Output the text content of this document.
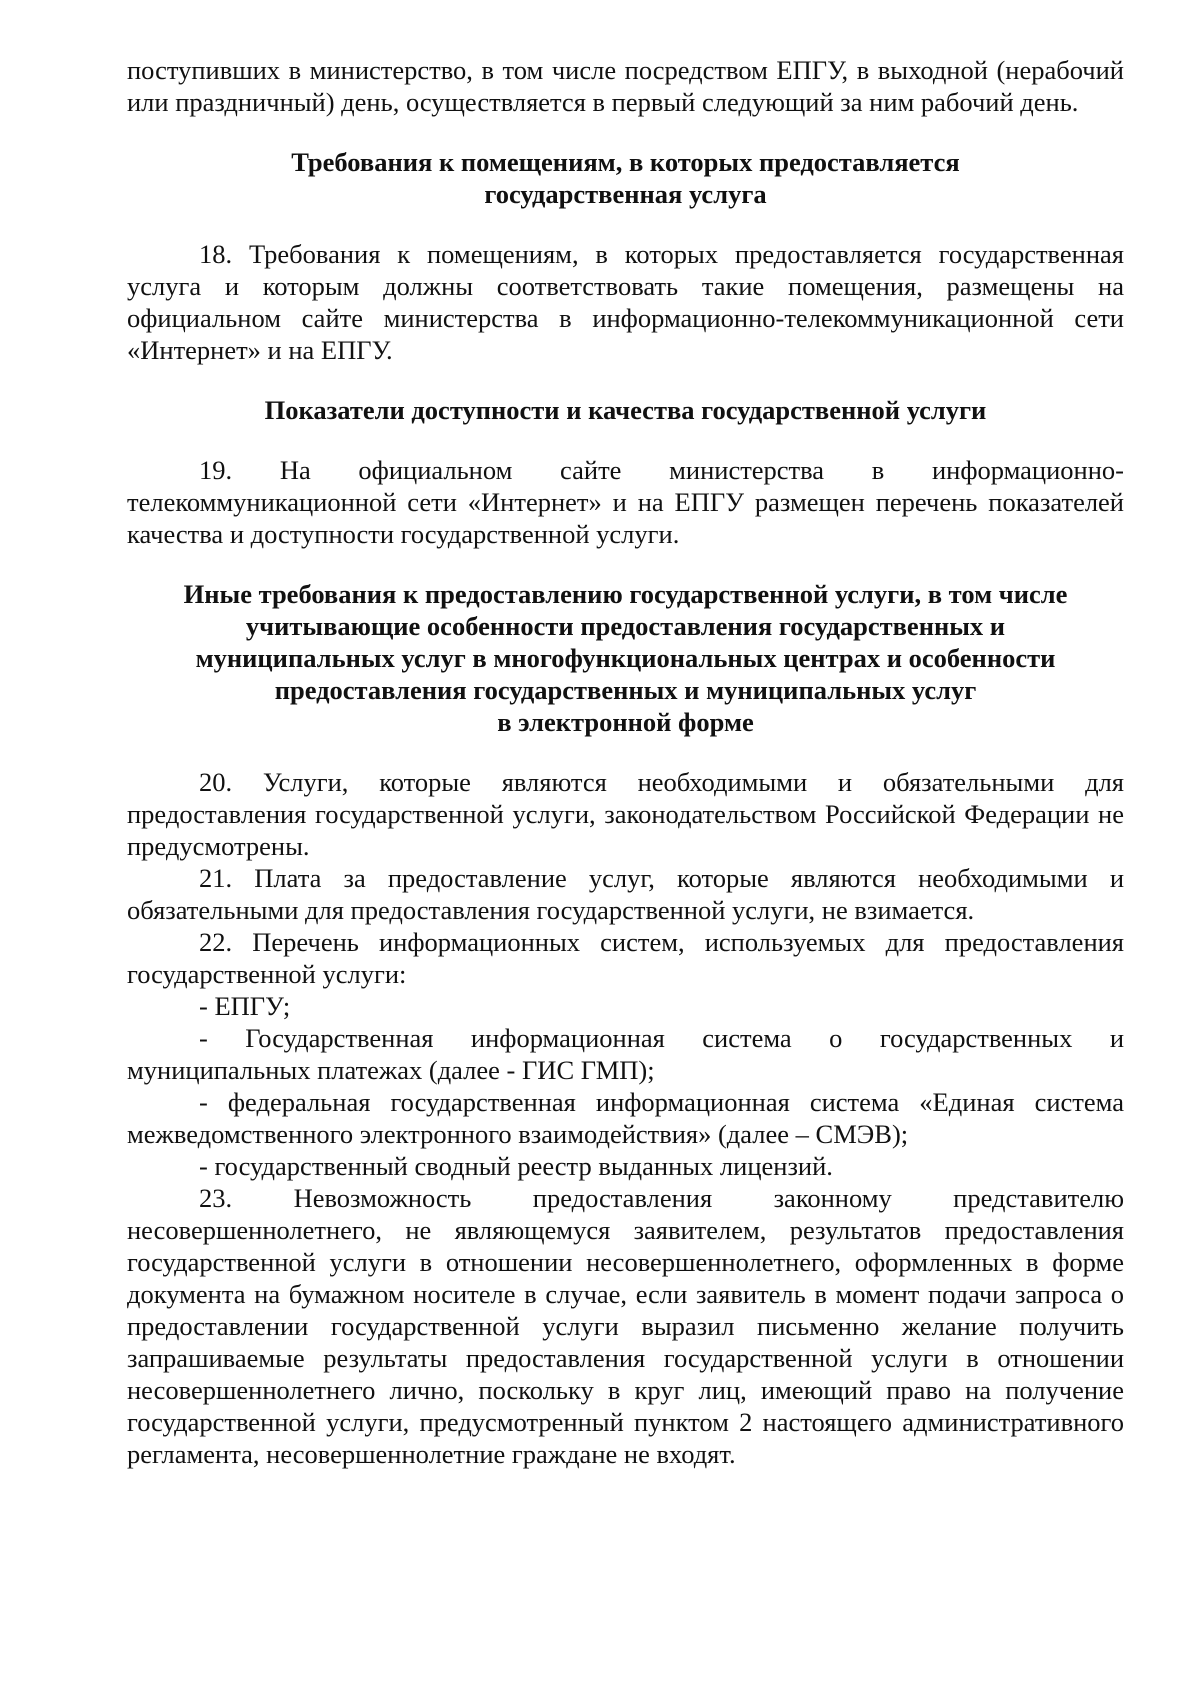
поступивших в министерство, в том числе посредством ЕПГУ, в выходной (нерабочий или праздничный) день, осуществляется в первый следующий за ним рабочий день.

Требования к помещениям, в которых предоставляется
государственная услуга

18. Требования к помещениям, в которых предоставляется государственная услуга и которым должны соответствовать такие помещения, размещены на официальном сайте министерства в информационно-телекоммуникационной сети «Интернет» и на ЕПГУ.

Показатели доступности и качества государственной услуги

19. На официальном сайте министерства в информационно-телекоммуникационной сети «Интернет» и на ЕПГУ размещен перечень показателей качества и доступности государственной услуги.

Иные требования к предоставлению государственной услуги, в том числе
учитывающие особенности предоставления государственных и
муниципальных услуг в многофункциональных центрах и особенности
предоставления государственных и муниципальных услуг
в электронной форме

20. Услуги, которые являются необходимыми и обязательными для предоставления государственной услуги, законодательством Российской Федерации не предусмотрены.

21. Плата за предоставление услуг, которые являются необходимыми и обязательными для предоставления государственной услуги, не взимается.

22. Перечень информационных систем, используемых для предоставления государственной услуги:

- ЕПГУ;

- Государственная информационная система о государственных и муниципальных платежах (далее - ГИС ГМП);

- федеральная государственная информационная система «Единая система межведомственного электронного взаимодействия» (далее – СМЭВ);

- государственный сводный реестр выданных лицензий.

23. Невозможность предоставления законному представителю несовершеннолетнего, не являющемуся заявителем, результатов предоставления государственной услуги в отношении несовершеннолетнего, оформленных в форме документа на бумажном носителе в случае, если заявитель в момент подачи запроса о предоставлении государственной услуги выразил письменно желание получить запрашиваемые результаты предоставления государственной услуги в отношении несовершеннолетнего лично, поскольку в круг лиц, имеющий право на получение государственной услуги, предусмотренный пунктом 2 настоящего административного регламента, несовершеннолетние граждане не входят.
